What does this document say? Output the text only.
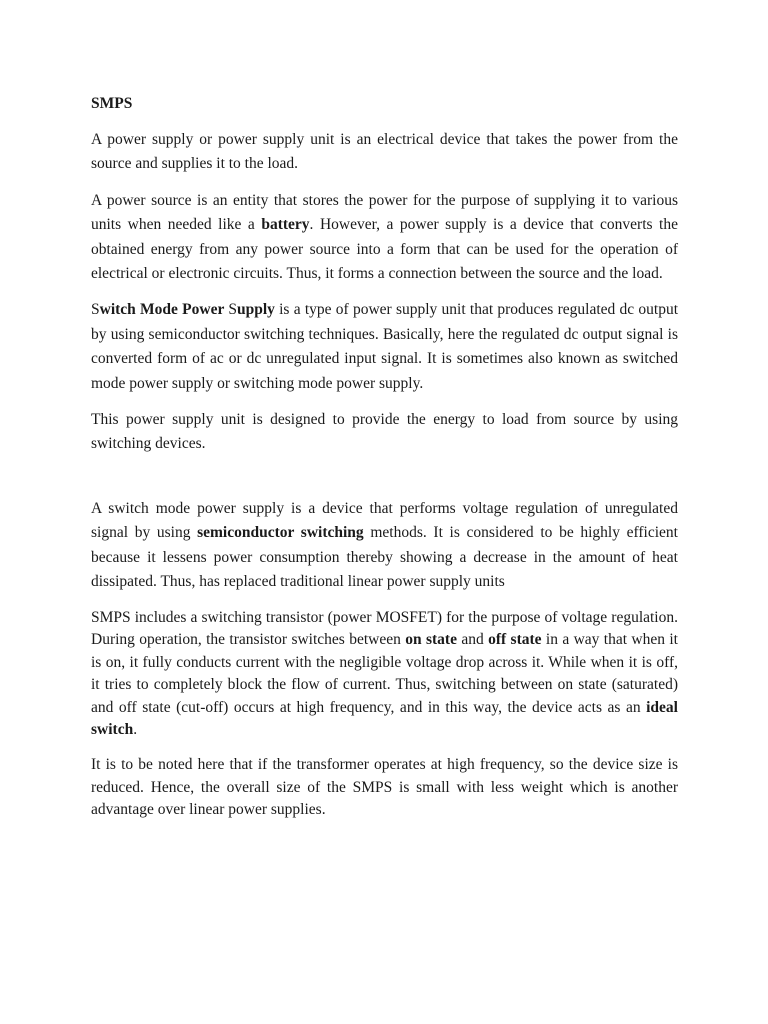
SMPS

A power supply or power supply unit is an electrical device that takes the power from the source and supplies it to the load.

A power source is an entity that stores the power for the purpose of supplying it to various units when needed like a battery. However, a power supply is a device that converts the obtained energy from any power source into a form that can be used for the operation of electrical or electronic circuits. Thus, it forms a connection between the source and the load.

Switch Mode Power Supply is a type of power supply unit that produces regulated dc output by using semiconductor switching techniques. Basically, here the regulated dc output signal is converted form of ac or dc unregulated input signal. It is sometimes also known as switched mode power supply or switching mode power supply.

This power supply unit is designed to provide the energy to load from source by using switching devices.

A switch mode power supply is a device that performs voltage regulation of unregulated signal by using semiconductor switching methods. It is considered to be highly efficient because it lessens power consumption thereby showing a decrease in the amount of heat dissipated. Thus, has replaced traditional linear power supply units

SMPS includes a switching transistor (power MOSFET) for the purpose of voltage regulation. During operation, the transistor switches between on state and off state in a way that when it is on, it fully conducts current with the negligible voltage drop across it. While when it is off, it tries to completely block the flow of current. Thus, switching between on state (saturated) and off state (cut-off) occurs at high frequency, and in this way, the device acts as an ideal switch.

It is to be noted here that if the transformer operates at high frequency, so the device size is reduced. Hence, the overall size of the SMPS is small with less weight which is another advantage over linear power supplies.
